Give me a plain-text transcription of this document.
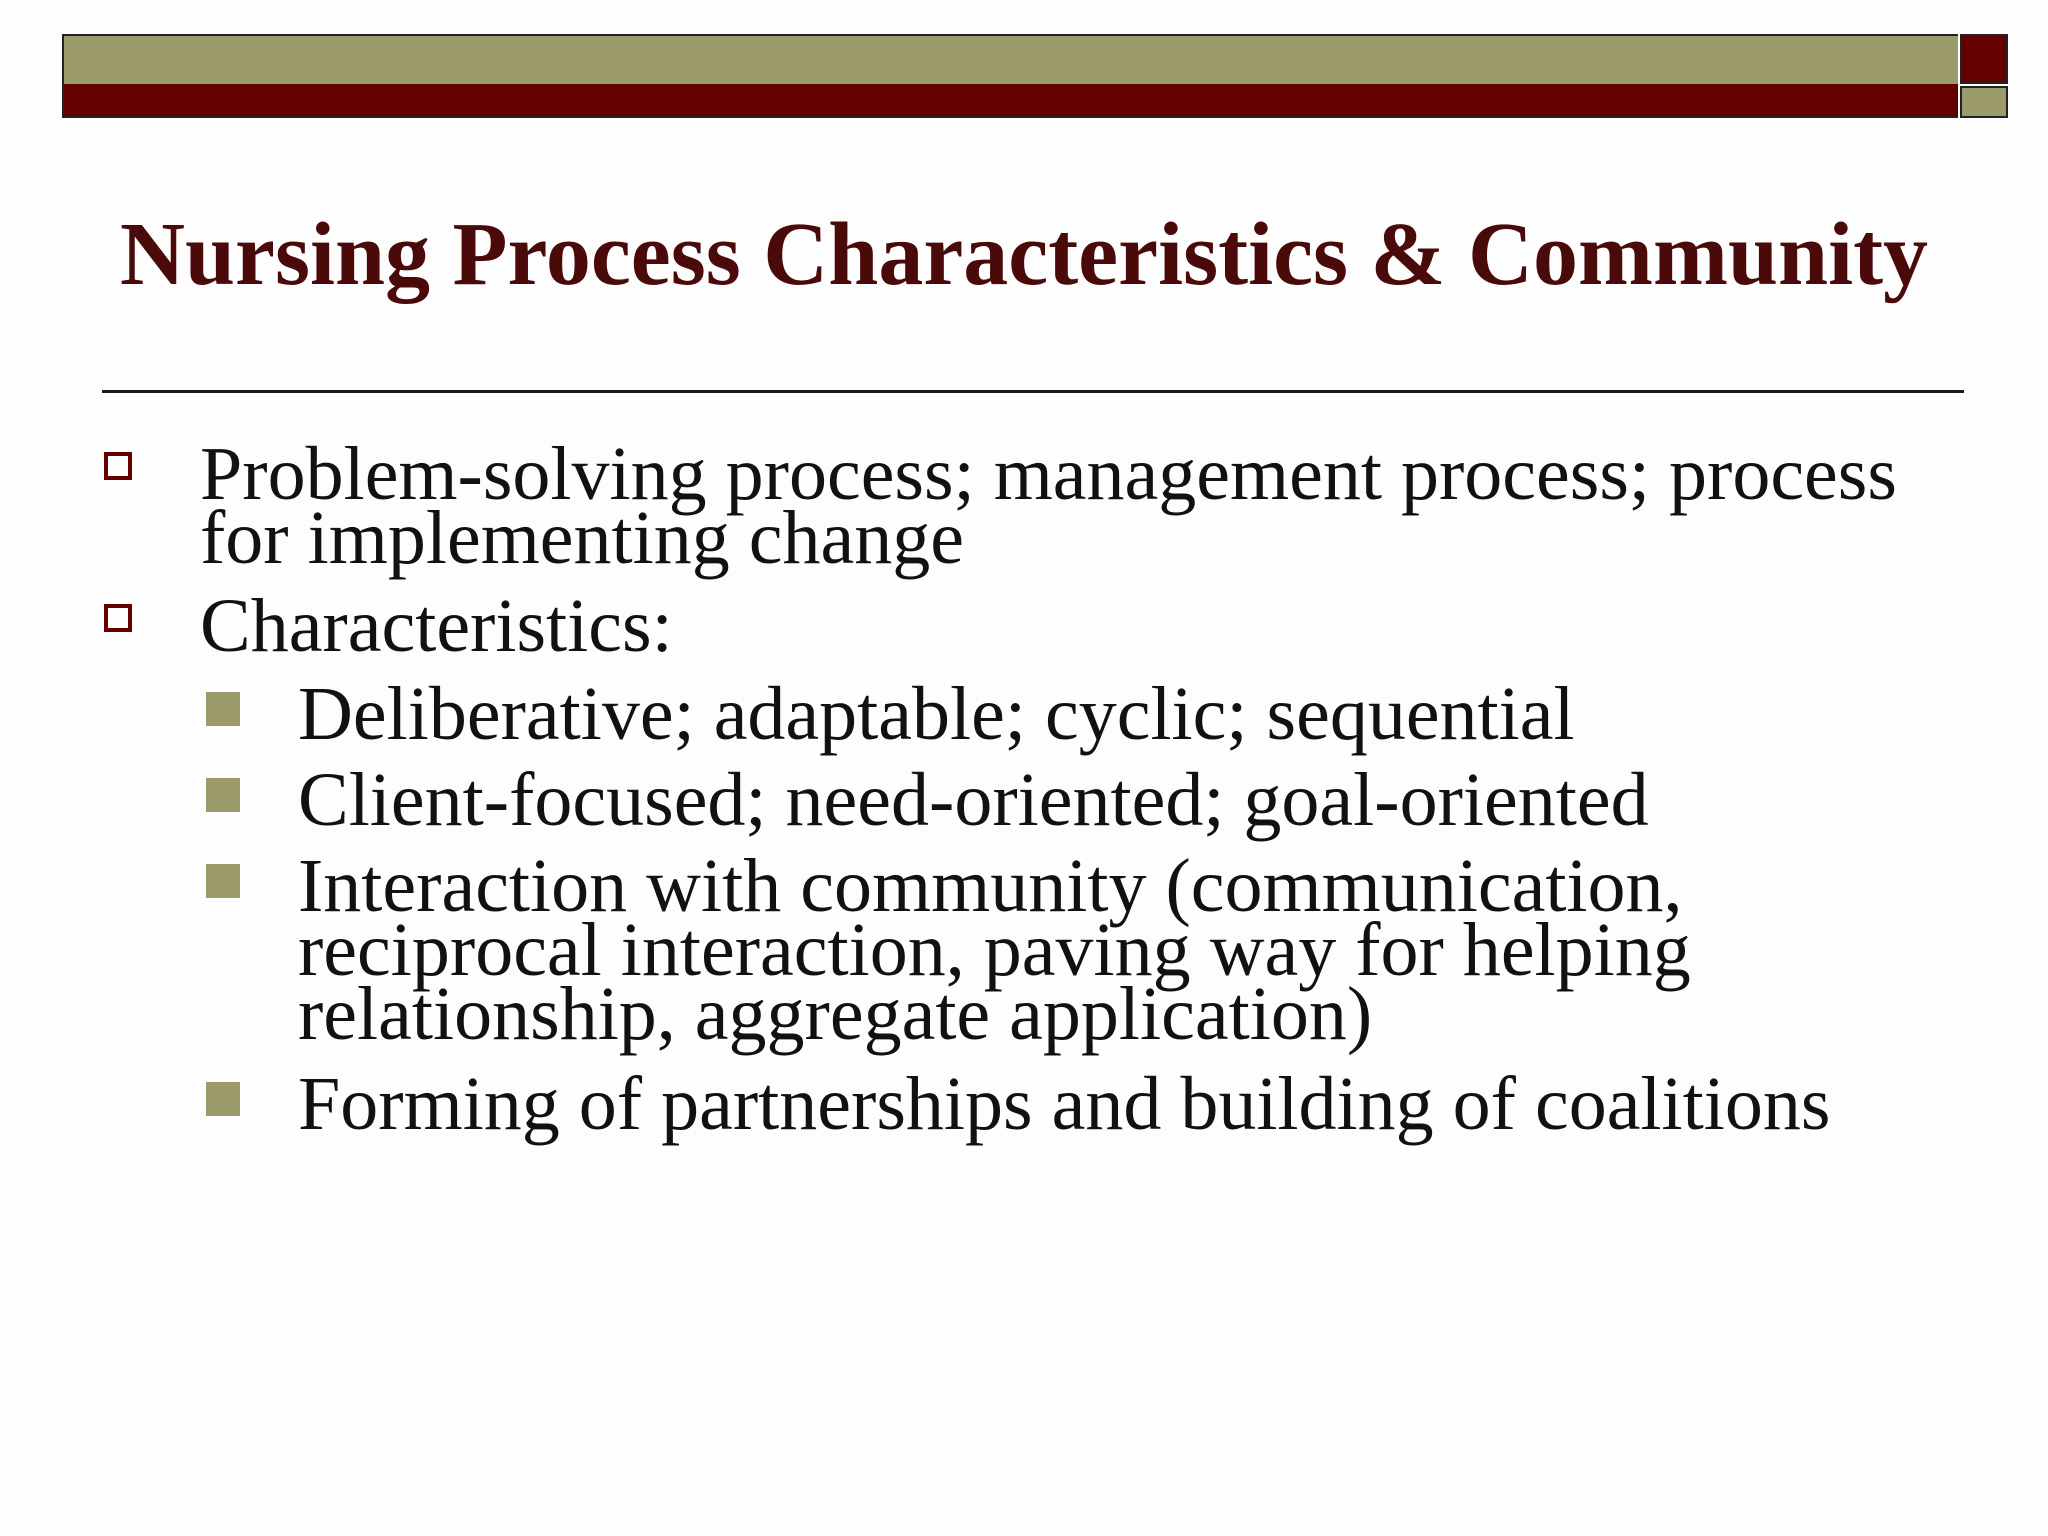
Nursing Process Characteristics & Community
Problem-solving process; management process; process
for implementing change
Characteristics:
Deliberative; adaptable; cyclic; sequential
Client-focused; need-oriented; goal-oriented
Interaction with community (communication,
reciprocal interaction, paving way for helping
relationship, aggregate application)
Forming of partnerships and building of coalitions
